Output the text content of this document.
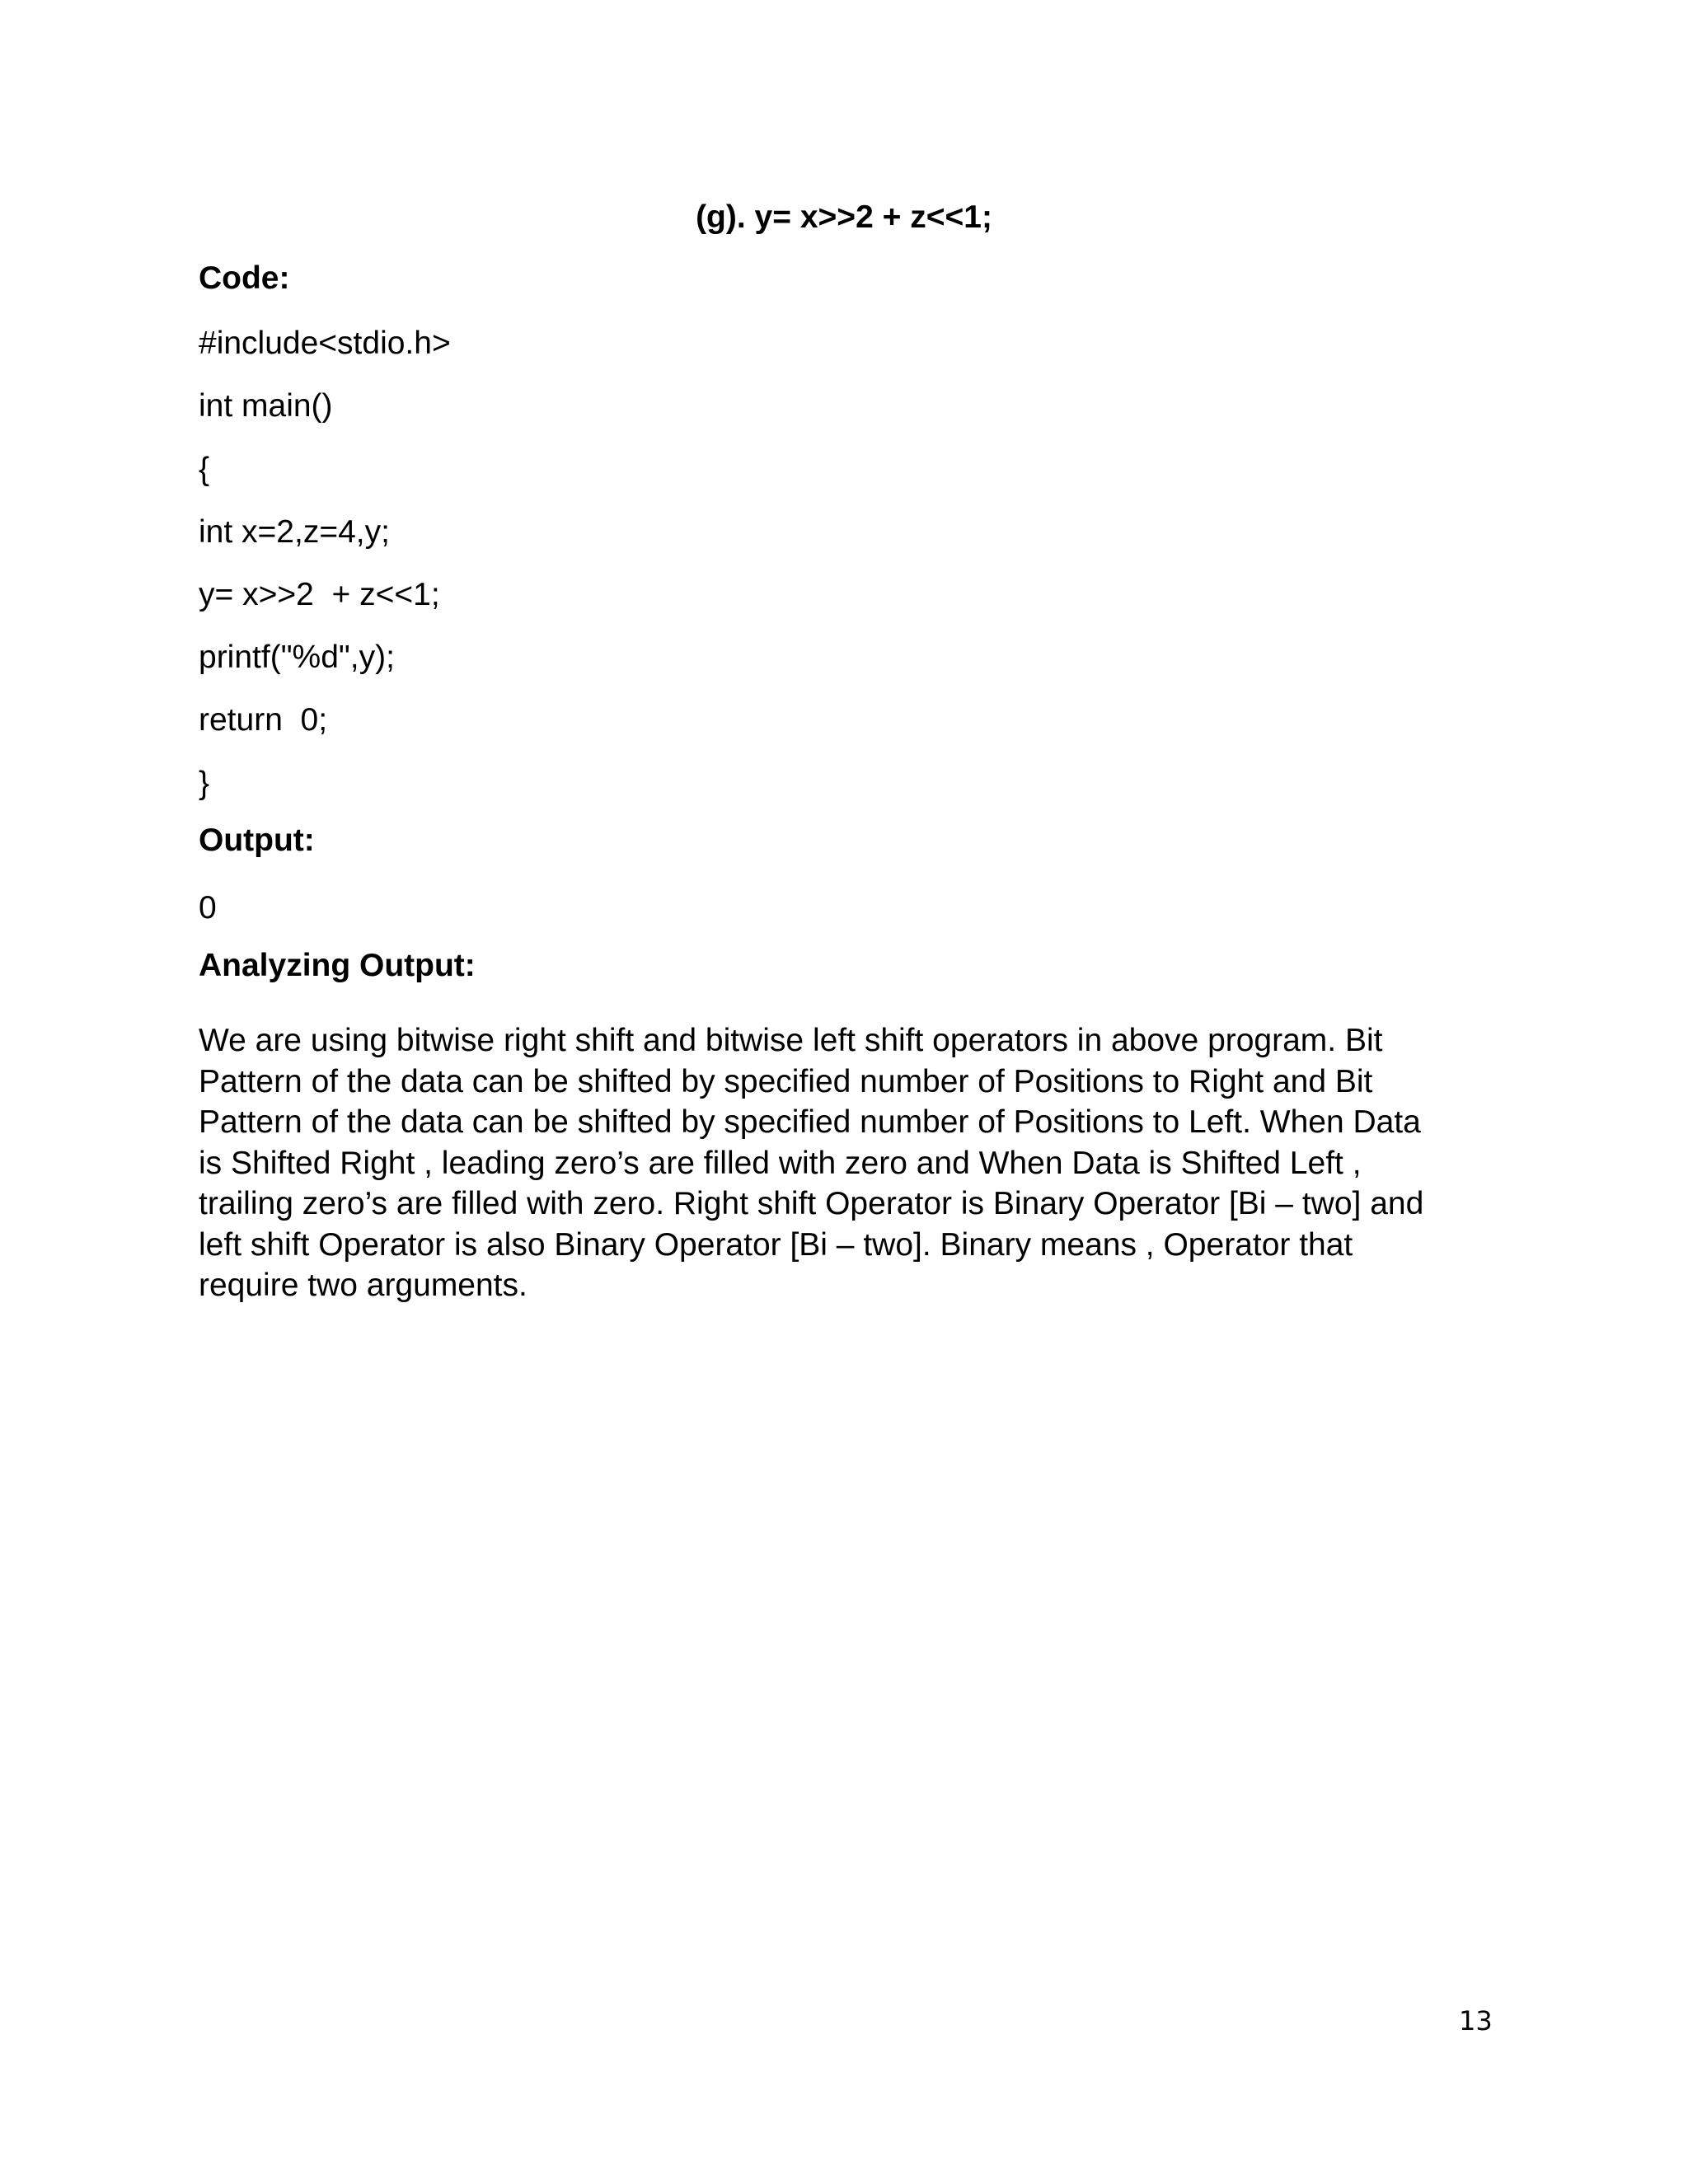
(g). y= x>>2 + z<<1;
Code:
#include<stdio.h>
int main()
{
int x=2,z=4,y;
y= x>>2  + z<<1;
printf("%d",y);
return  0;
}
Output:
0
Analyzing Output:
We are using bitwise right shift and bitwise left shift operators in above program. Bit
Pattern of the data can be shifted by specified number of Positions to Right and Bit
Pattern of the data can be shifted by specified number of Positions to Left. When Data
is Shifted Right , leading zero’s are filled with zero and When Data is Shifted Left ,
trailing zero’s are filled with zero. Right shift Operator is Binary Operator [Bi – two] and
left shift Operator is also Binary Operator [Bi – two]. Binary means , Operator that
require two arguments.
13
